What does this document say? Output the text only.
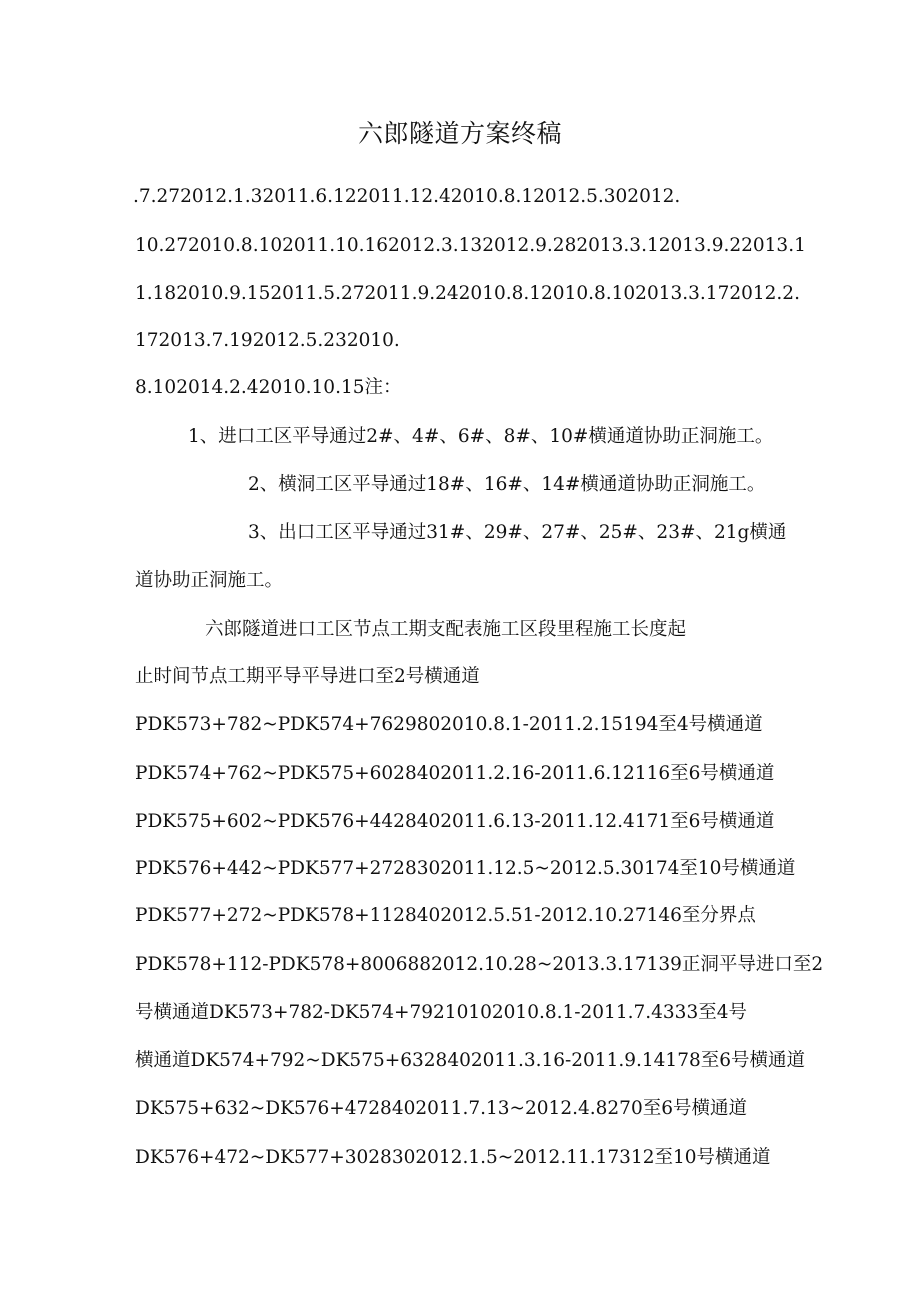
六郎隧道方案终稿
.7.272012.1.32011.6.122011.12.42010.8.12012.5.302012.
10.272010.8.102011.10.162012.3.132012.9.282013.3.12013.9.22013.1
1.182010.9.152011.5.272011.9.242010.8.12010.8.102013.3.172012.2.
172013.7.192012.5.232010.
8.102014.2.42010.10.15注：
1、进口工区平导通过2#、4#、6#、8#、10#横通道协助正洞施工。
2、横洞工区平导通过18#、16#、14#横通道协助正洞施工。
3、出口工区平导通过31#、29#、27#、25#、23#、21g横通
道协助正洞施工。
六郎隧道进口工区节点工期支配表施工区段里程施工长度起
止时间节点工期平导平导进口至2号横通道
PDK573+782~PDK574+7629802010.8.1-2011.2.15194至4号横通道
PDK574+762~PDK575+6028402011.2.16-2011.6.12116至6号横通道
PDK575+602~PDK576+4428402011.6.13-2011.12.4171至6号横通道
PDK576+442~PDK577+2728302011.12.5~2012.5.30174至10号横通道
PDK577+272~PDK578+1128402012.5.51-2012.10.27146至分界点
PDK578+112-PDK578+8006882012.10.28~2013.3.17139正洞平导进口至2
号横通道DK573+782-DK574+79210102010.8.1-2011.7.4333至4号
横通道DK574+792~DK575+6328402011.3.16-2011.9.14178至6号横通道
DK575+632~DK576+4728402011.7.13~2012.4.8270至6号横通道
DK576+472~DK577+3028302012.1.5~2012.11.17312至10号横通道
